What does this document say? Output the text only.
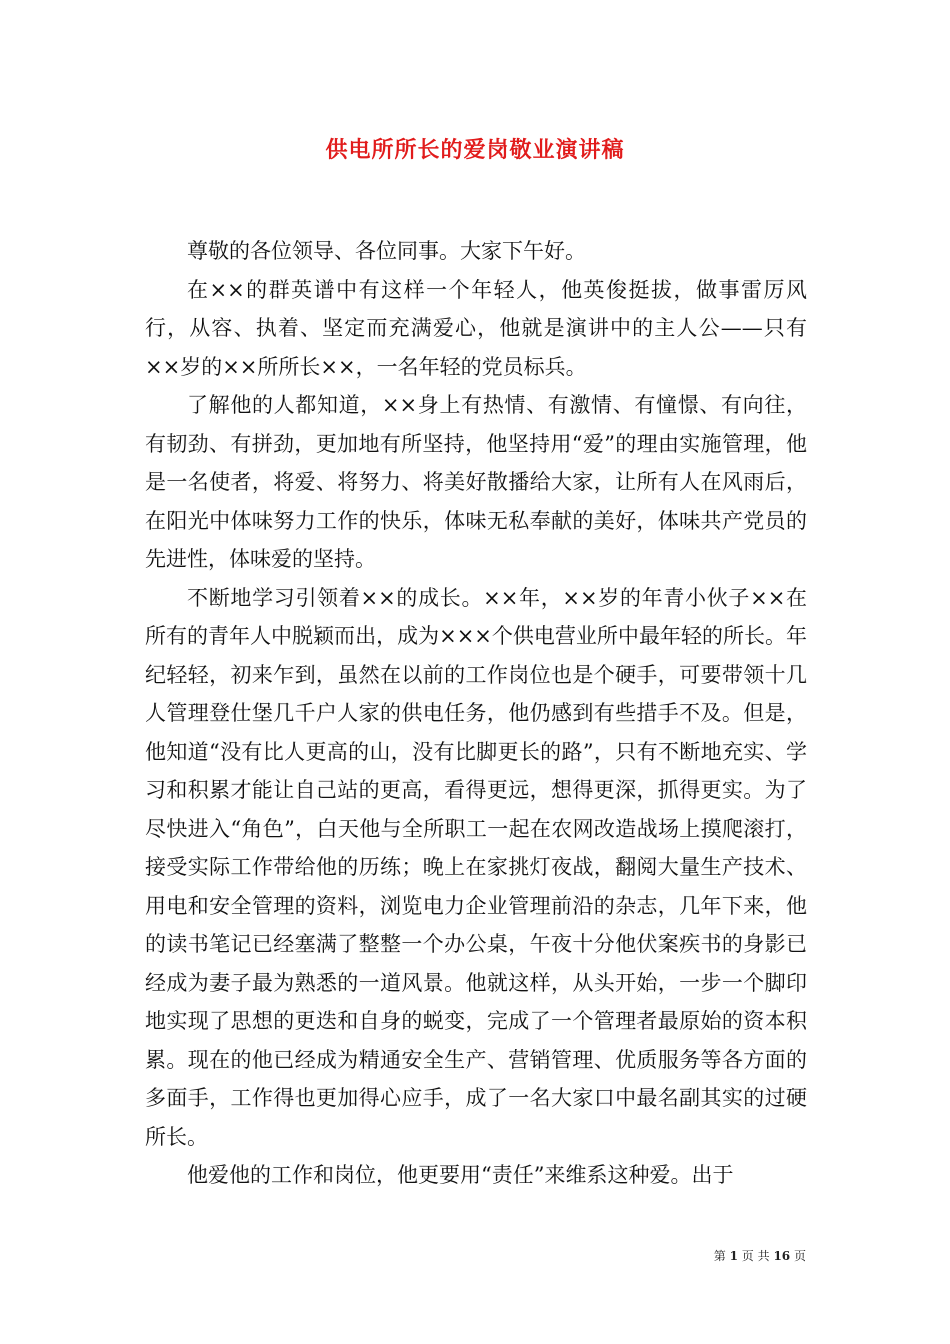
供电所所长的爱岗敬业演讲稿

尊敬的各位领导、各位同事。大家下午好。

在××的群英谱中有这样一个年轻人，他英俊挺拔，做事雷厉风行，从容、执着、坚定而充满爱心，他就是演讲中的主人公——只有××岁的××所所长××，一名年轻的党员标兵。

了解他的人都知道，××身上有热情、有激情、有憧憬、有向往，有韧劲、有拼劲，更加地有所坚持，他坚持用“爱”的理由实施管理，他是一名使者，将爱、将努力、将美好散播给大家，让所有人在风雨后，在阳光中体味努力工作的快乐，体味无私奉献的美好，体味共产党员的先进性，体味爱的坚持。

不断地学习引领着××的成长。××年，××岁的年青小伙子××在所有的青年人中脱颖而出，成为×××个供电营业所中最年轻的所长。年纪轻轻，初来乍到，虽然在以前的工作岗位也是个硬手，可要带领十几人管理登仕堡几千户人家的供电任务，他仍感到有些措手不及。但是，他知道“没有比人更高的山，没有比脚更长的路”，只有不断地充实、学习和积累才能让自己站的更高，看得更远，想得更深，抓得更实。为了尽快进入“角色”，白天他与全所职工一起在农网改造战场上摸爬滚打，接受实际工作带给他的历练；晚上在家挑灯夜战，翻阅大量生产技术、用电和安全管理的资料，浏览电力企业管理前沿的杂志，几年下来，他的读书笔记已经塞满了整整一个办公桌，午夜十分他伏案疾书的身影已经成为妻子最为熟悉的一道风景。他就这样，从头开始，一步一个脚印地实现了思想的更迭和自身的蜕变，完成了一个管理者最原始的资本积累。现在的他已经成为精通安全生产、营销管理、优质服务等各方面的多面手，工作得也更加得心应手，成了一名大家口中最名副其实的过硬所长。

他爱他的工作和岗位，他更要用“责任”来维系这种爱。出于

第 1 页 共 16 页
